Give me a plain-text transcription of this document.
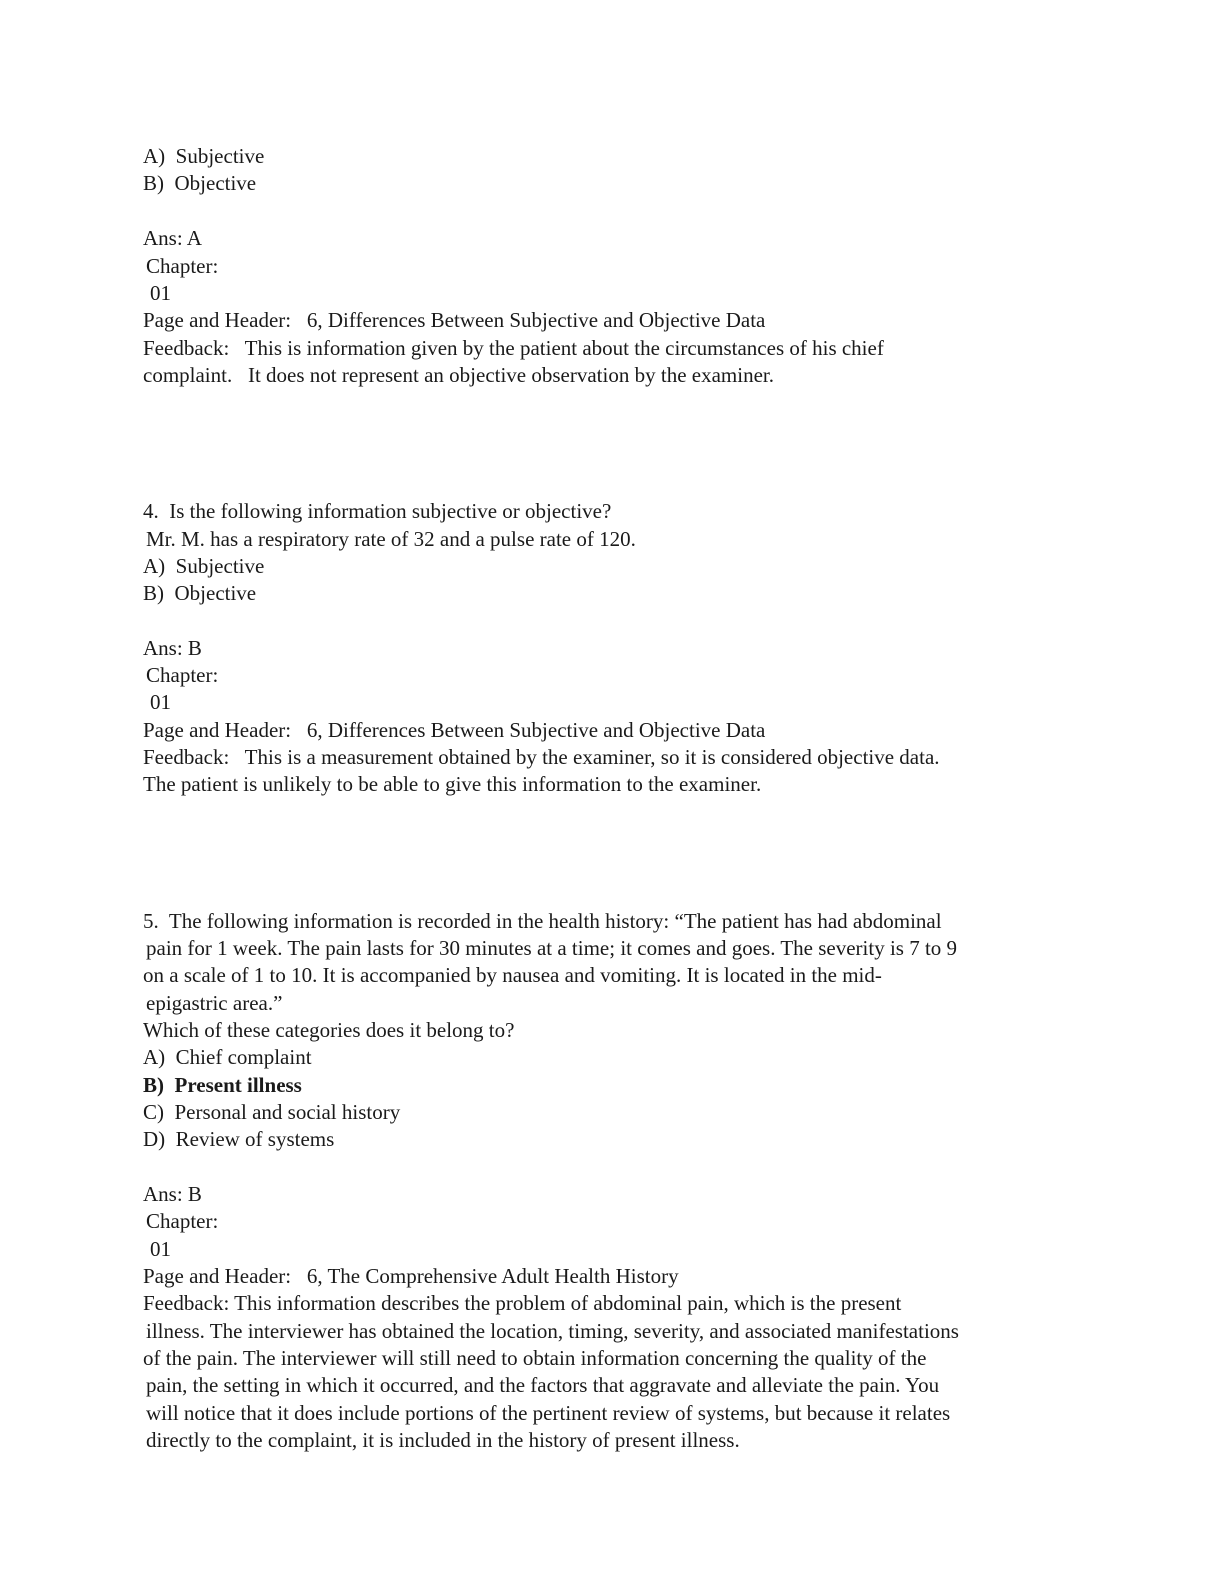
A)  Subjective
B)  Objective
Ans: A
Chapter:
01
Page and Header:   6, Differences Between Subjective and Objective Data
Feedback:   This is information given by the patient about the circumstances of his chief
complaint.   It does not represent an objective observation by the examiner.
4.  Is the following information subjective or objective?
Mr. M. has a respiratory rate of 32 and a pulse rate of 120.
A)  Subjective
B)  Objective
Ans: B
Chapter:
01
Page and Header:   6, Differences Between Subjective and Objective Data
Feedback:   This is a measurement obtained by the examiner, so it is considered objective data.
The patient is unlikely to be able to give this information to the examiner.
5.  The following information is recorded in the health history: “The patient has had abdominal
pain for 1 week. The pain lasts for 30 minutes at a time; it comes and goes. The severity is 7 to 9
on a scale of 1 to 10. It is accompanied by nausea and vomiting. It is located in the mid-
epigastric area.”
Which of these categories does it belong to?
A)  Chief complaint
B)  Present illness
C)  Personal and social history
D)  Review of systems
Ans: B
Chapter:
01
Page and Header:   6, The Comprehensive Adult Health History
Feedback: This information describes the problem of abdominal pain, which is the present
illness. The interviewer has obtained the location, timing, severity, and associated manifestations
of the pain. The interviewer will still need to obtain information concerning the quality of the
pain, the setting in which it occurred, and the factors that aggravate and alleviate the pain. You
will notice that it does include portions of the pertinent review of systems, but because it relates
directly to the complaint, it is included in the history of present illness.
